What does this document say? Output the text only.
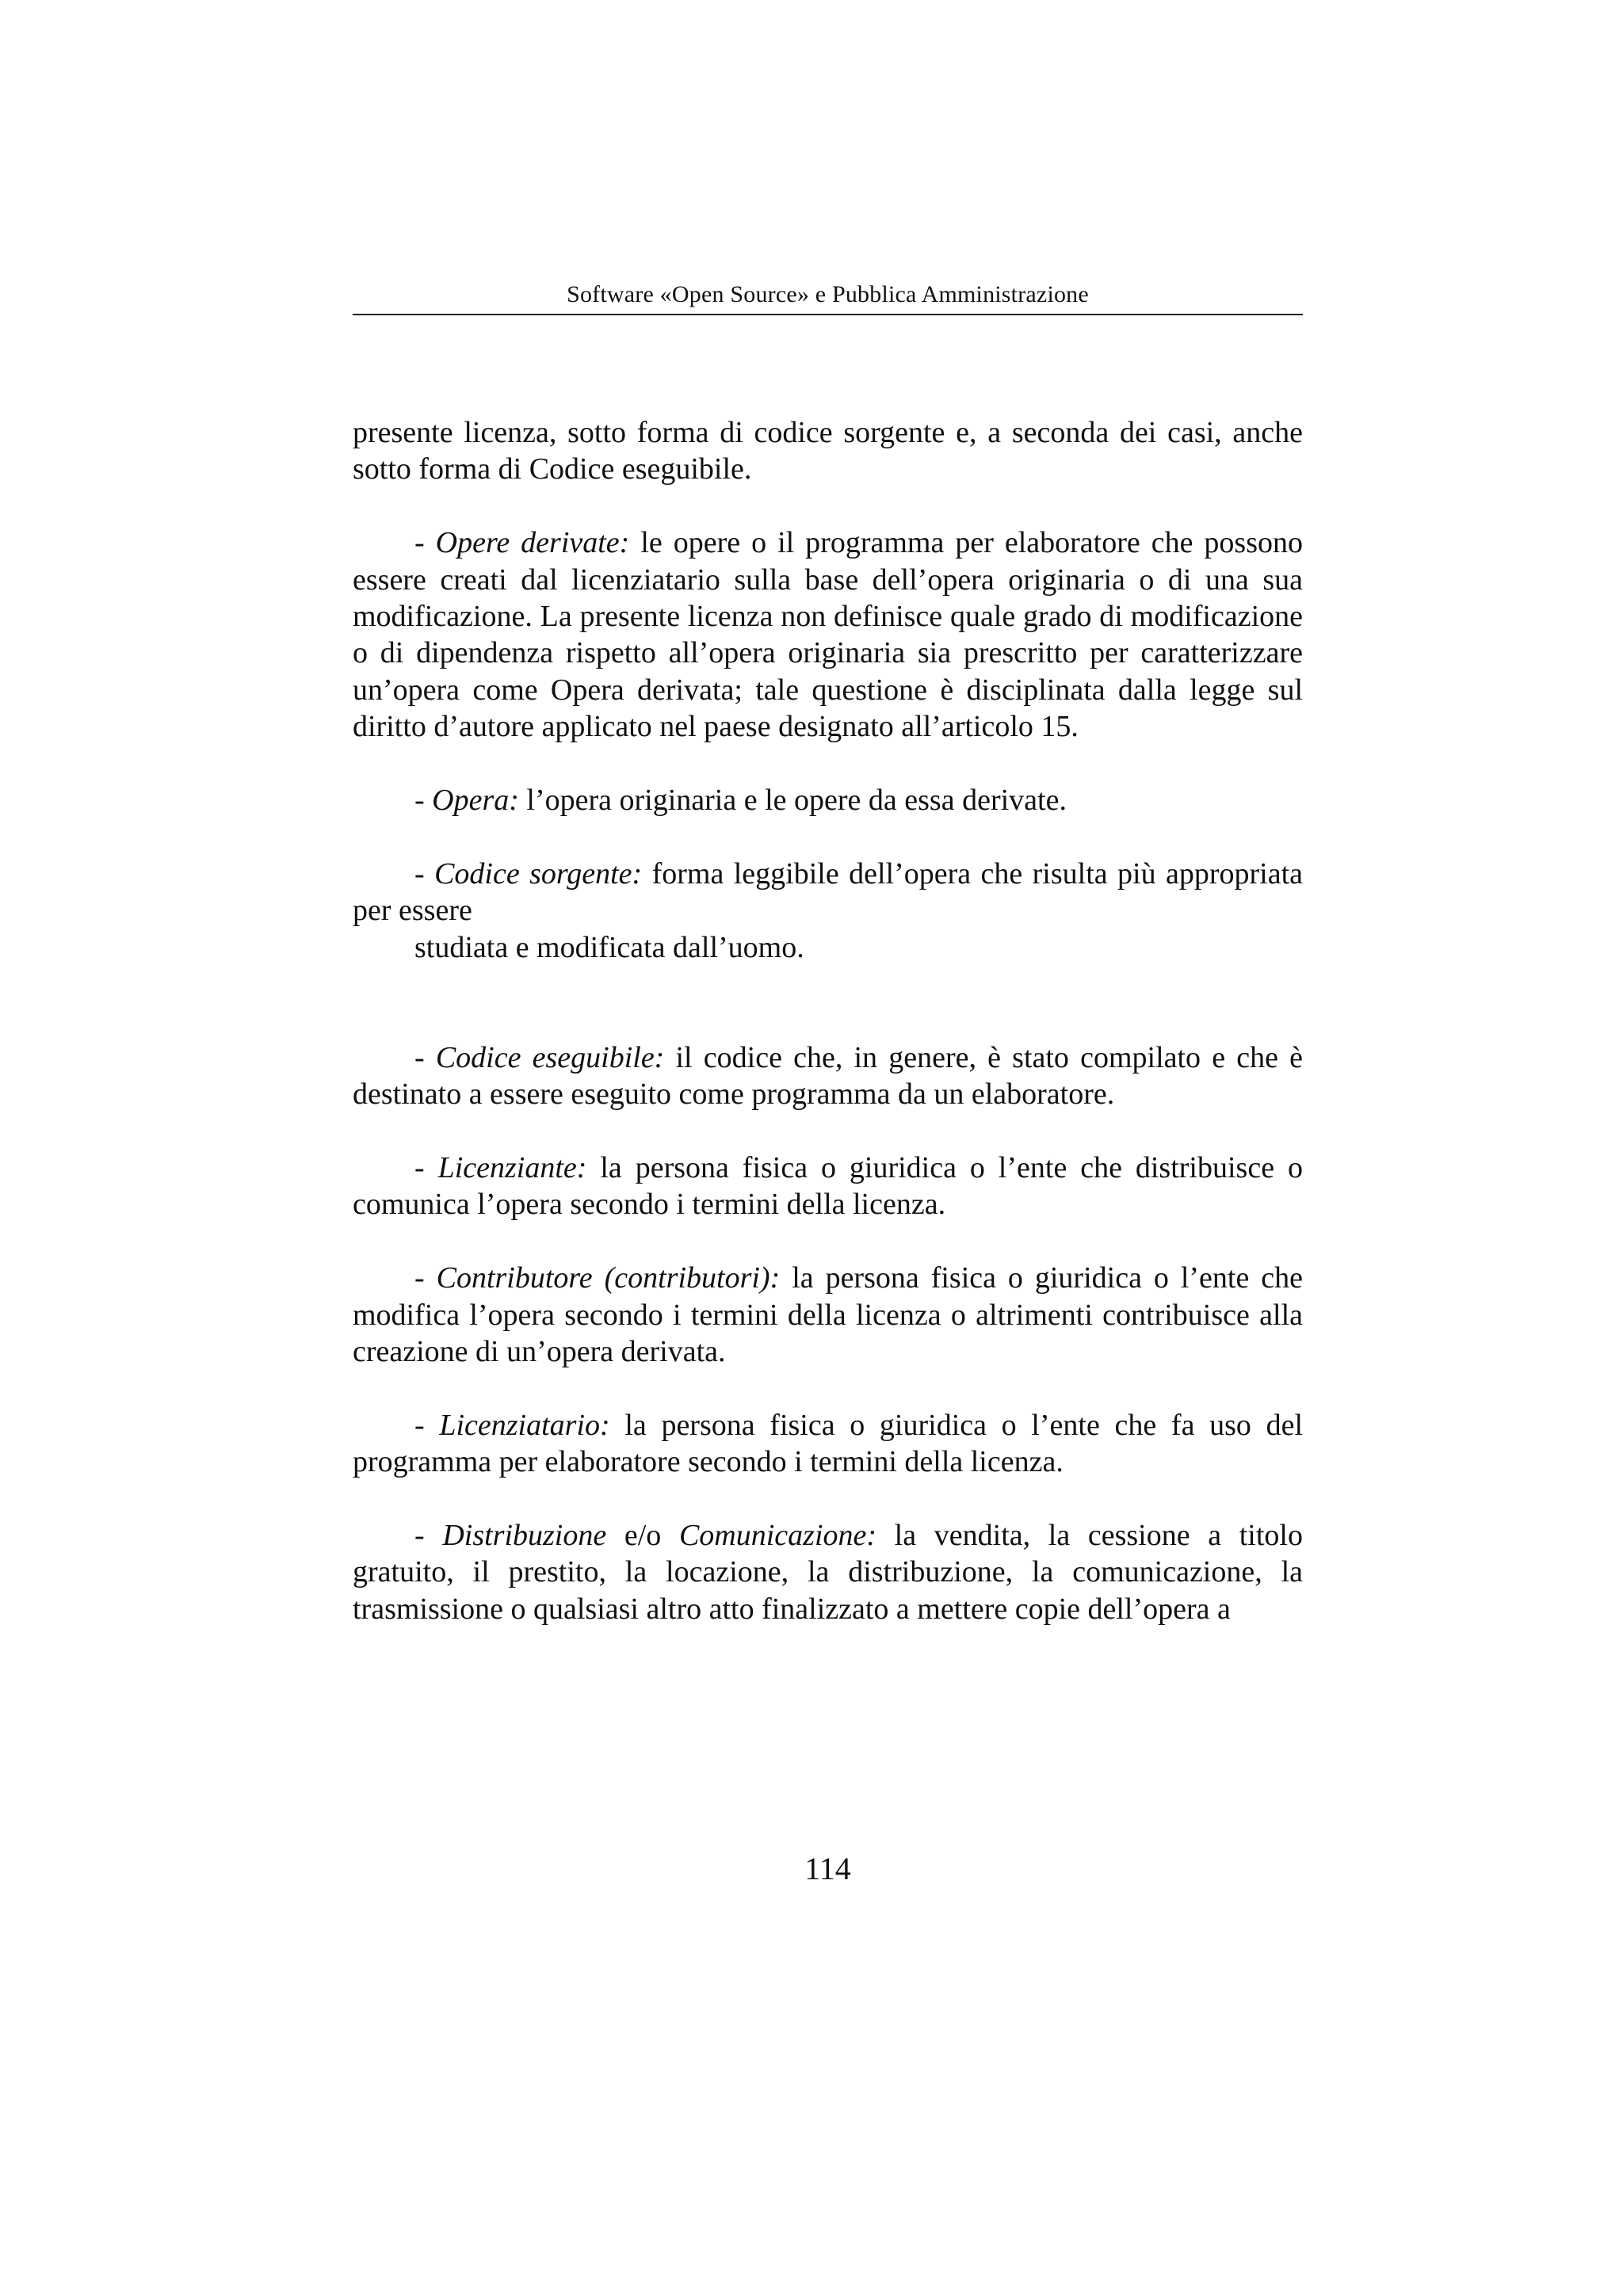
Software «Open Source» e Pubblica Amministrazione

presente licenza, sotto forma di codice sorgente e, a seconda dei casi, anche sotto forma di Codice eseguibile.

- Opere derivate: le opere o il programma per elaboratore che possono essere creati dal licenziatario sulla base dell’opera originaria o di una sua modificazione. La presente licenza non definisce quale grado di modificazione o di dipendenza rispetto all’opera originaria sia prescritto per caratterizzare un’opera come Opera derivata; tale questione è disciplinata dalla legge sul diritto d’autore applicato nel paese designato all’articolo 15.

- Opera: l’opera originaria e le opere da essa derivate.

- Codice sorgente: forma leggibile dell’opera che risulta più appropriata per essere

studiata e modificata dall’uomo.

- Codice eseguibile: il codice che, in genere, è stato compilato e che è destinato a essere eseguito come programma da un elaboratore.

- Licenziante: la persona fisica o giuridica o l’ente che distribuisce o comunica l’opera secondo i termini della licenza.

- Contributore (contributori): la persona fisica o giuridica o l’ente che modifica l’opera secondo i termini della licenza o altrimenti contribuisce alla creazione di un’opera derivata.

- Licenziatario: la persona fisica o giuridica o l’ente che fa uso del programma per elaboratore secondo i termini della licenza.

- Distribuzione e/o Comunicazione: la vendita, la cessione a titolo gratuito, il prestito, la locazione, la distribuzione, la comunicazione, la trasmissione o qualsiasi altro atto finalizzato a mettere copie dell’opera a

114
